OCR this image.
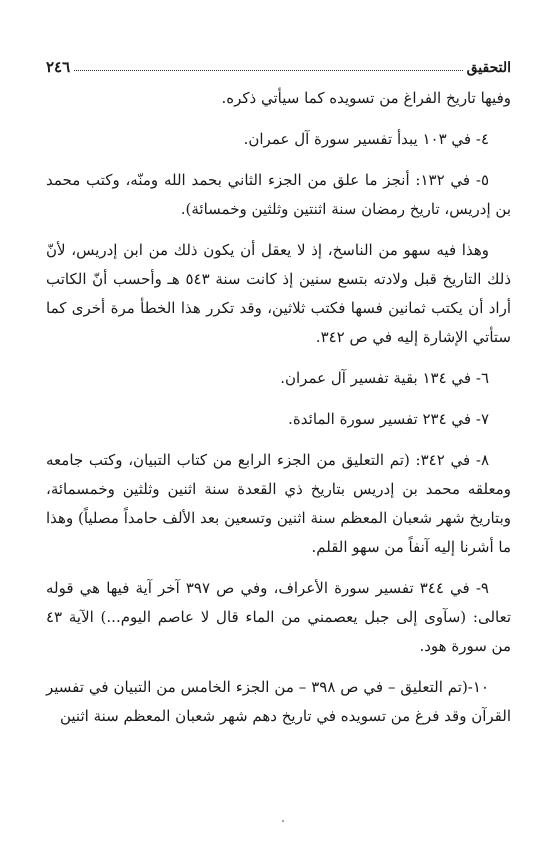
التحقيق
٢٤٦

وفيها تاريخ الفراغ من تسويده كما سيأتي ذكره.

٤- في ١٠٣ يبدأ تفسير سورة آل عمران.

٥- في ١٣٢: أنجز ما علق من الجزء الثاني بحمد الله ومنّه، وكتب محمد بن إدريس، تاريخ رمضان سنة اثنتين وثلثين وخمسائة).

وهذا فيه سهو من الناسخ، إذ لا يعقل أن يكون ذلك من ابن إدريس، لأنّ ذلك التاريخ قبل ولادته بتسع سنين إذ كانت سنة ٥٤٣ هـ وأحسب أنّ الكاتب أراد أن يكتب ثمانين فسها فكتب ثلاثين، وقد تكرر هذا الخطأ مرة أخرى كما ستأتي الإشارة إليه في ص ٣٤٢.

٦- في ١٣٤ بقية تفسير آل عمران.

٧- في ٢٣٤ تفسير سورة المائدة.

٨- في ٣٤٢: (تم التعليق من الجزء الرابع من كتاب التبيان، وكتب جامعه ومعلقه محمد بن إدريس بتاريخ ذي القعدة سنة اثنين وثلثين وخمسمائة، وبتاريخ شهر شعبان المعظم سنة اثنين وتسعين بعد الألف حامداً مصلياً) وهذا ما أشرنا إليه آنفاً من سهو القلم.

٩- في ٣٤٤ تفسير سورة الأعراف، وفي ص ٣٩٧ آخر آية فيها هي قوله تعالى: (سآوى إلى جبل يعصمني من الماء قال لا عاصم اليوم...) الآية ٤٣ من سورة هود.

١٠-(تم التعليق – في ص ٣٩٨ – من الجزء الخامس من التبيان في تفسير القرآن وقد فرغ من تسويده في تاريخ دهم شهر شعبان المعظم سنة اثنين
